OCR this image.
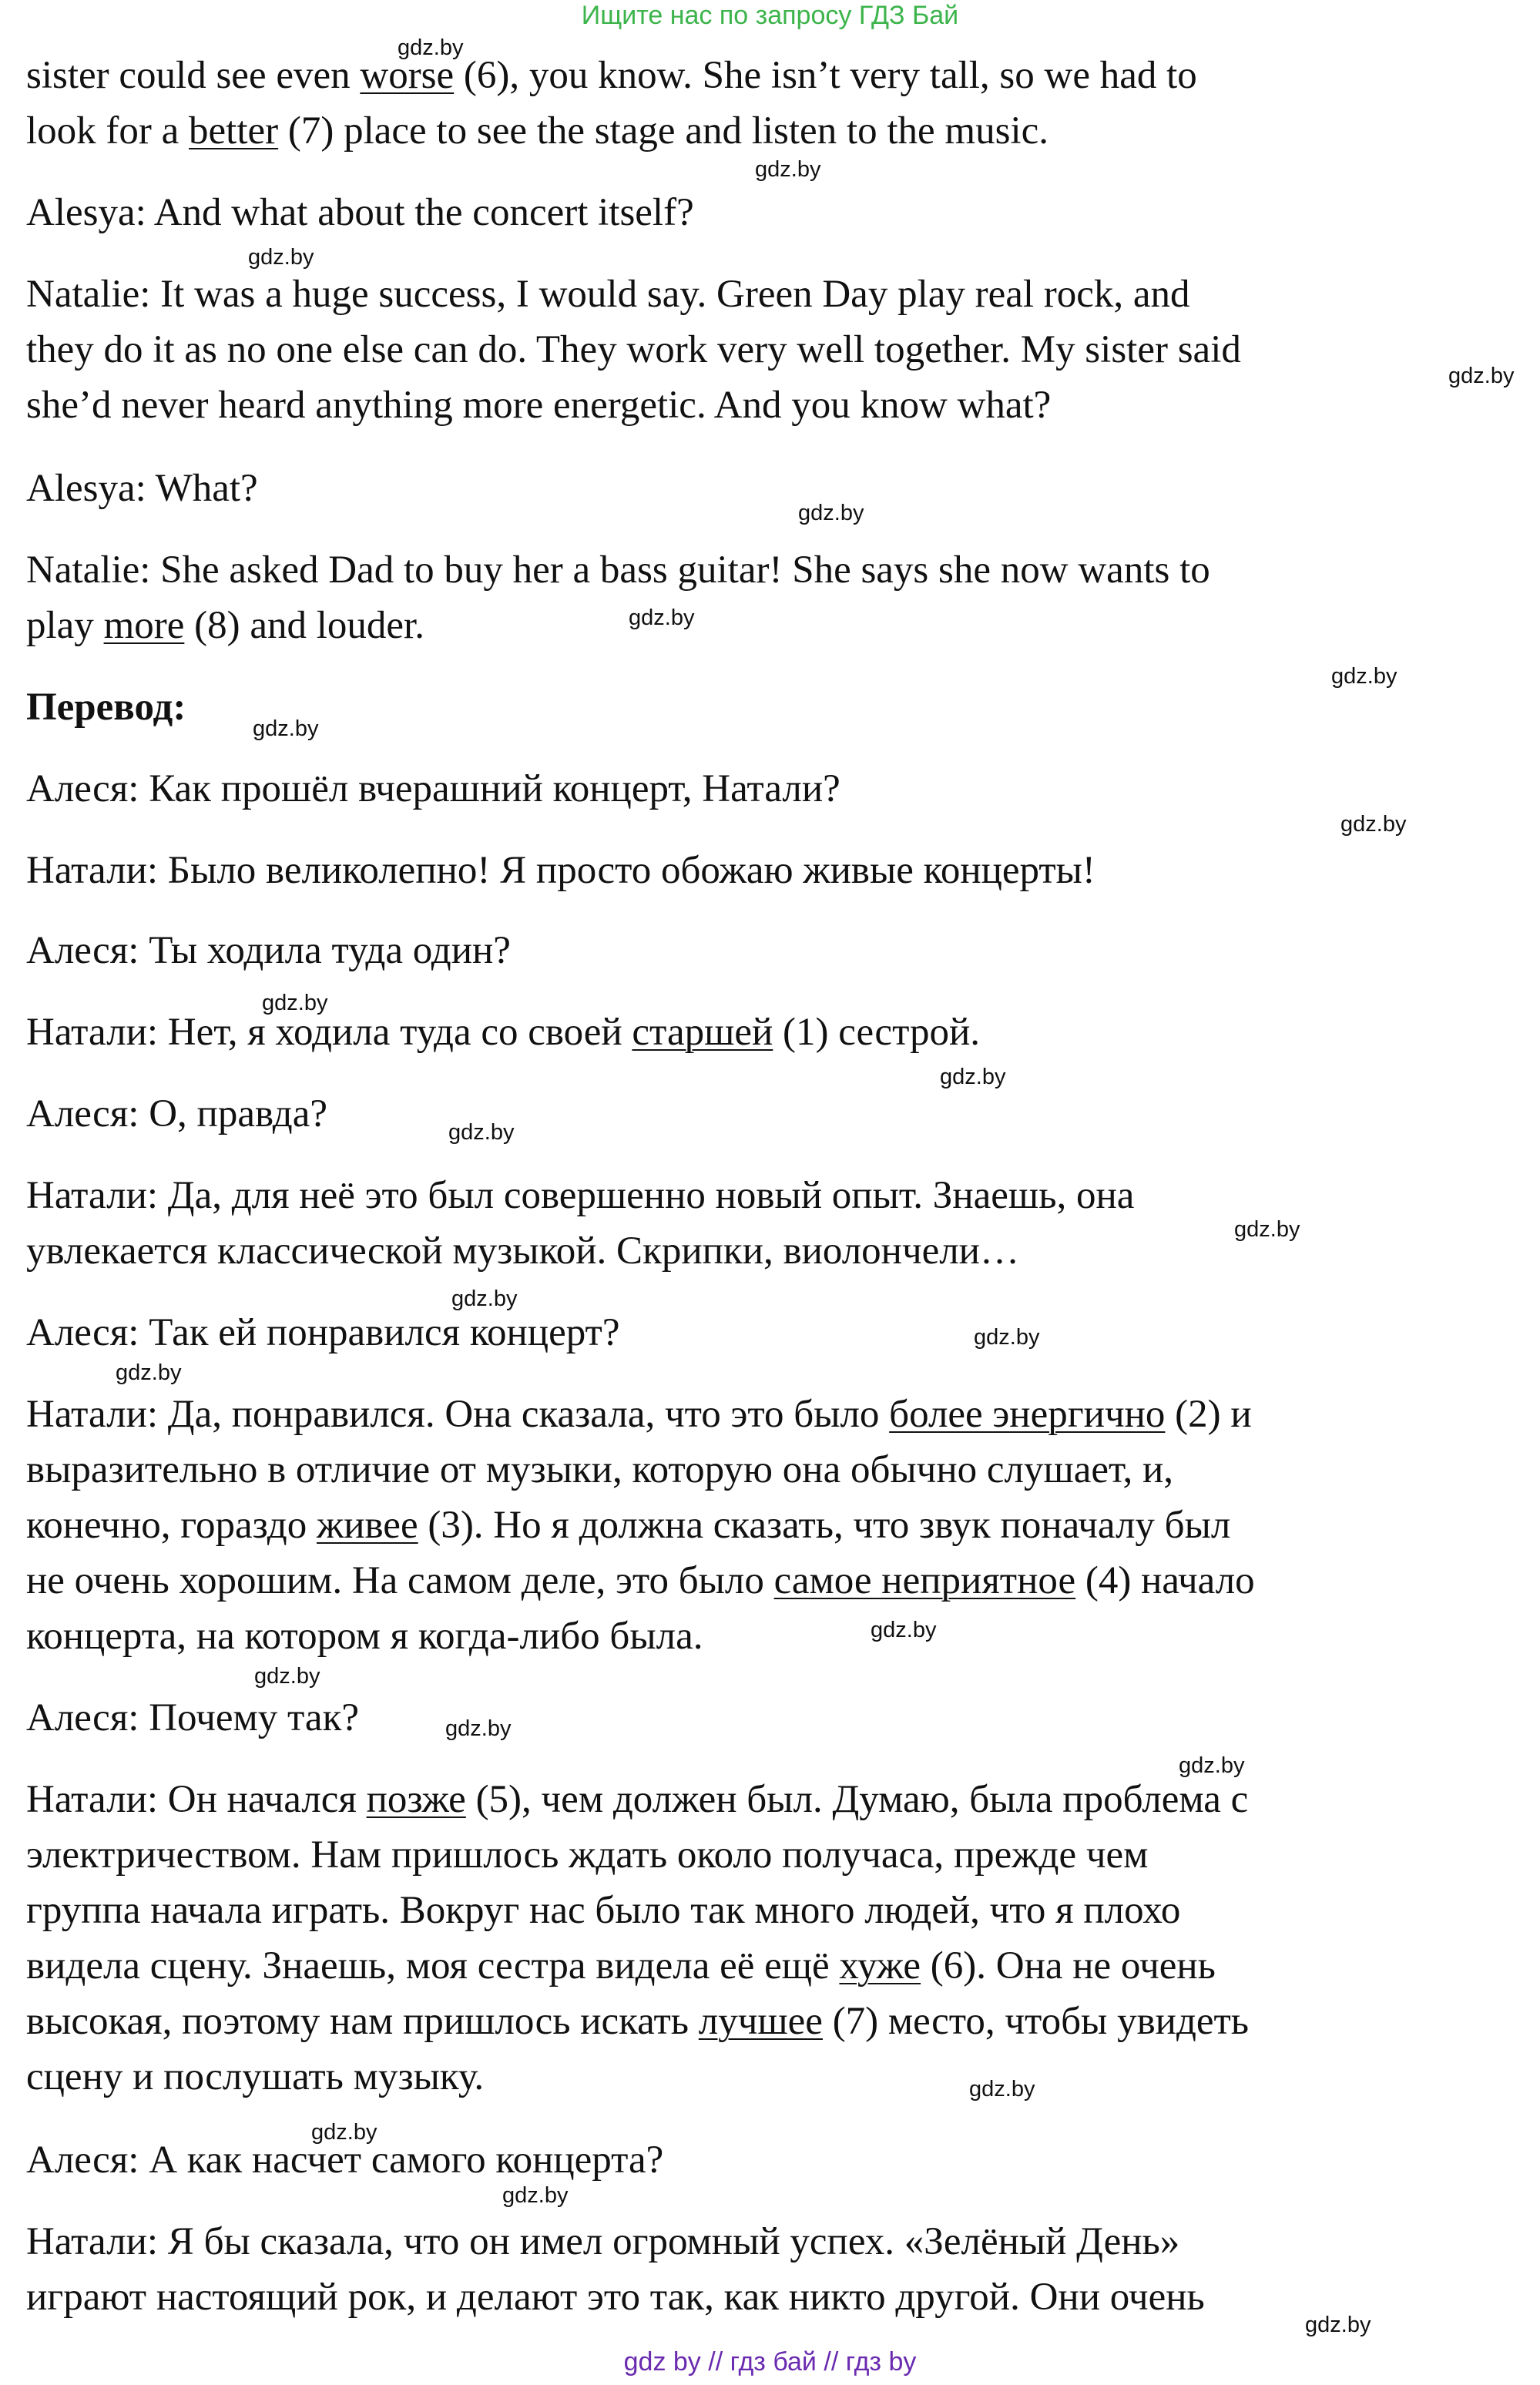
Ищите нас по запросу ГДЗ Бай
sister could see even worse (6), you know. She isn’t very tall, so we had to
look for a better (7) place to see the stage and listen to the music.
Alesya: And what about the concert itself?
Natalie: It was a huge success, I would say. Green Day play real rock, and
they do it as no one else can do. They work very well together. My sister said
she’d never heard anything more energetic. And you know what?
Alesya: What?
Natalie: She asked Dad to buy her a bass guitar! She says she now wants to
play more (8) and louder.
Перевод:
Алеся: Как прошёл вчерашний концерт, Натали?
Натали: Было великолепно! Я просто обожаю живые концерты!
Алеся: Ты ходила туда один?
Натали: Нет, я ходила туда со своей старшей (1) сестрой.
Алеся: О, правда?
Натали: Да, для неё это был совершенно новый опыт. Знаешь, она
увлекается классической музыкой. Скрипки, виолончели…
Алеся: Так ей понравился концерт?
Натали: Да, понравился. Она сказала, что это было более энергично (2) и
выразительно в отличие от музыки, которую она обычно слушает, и,
конечно, гораздо живее (3). Но я должна сказать, что звук поначалу был
не очень хорошим. На самом деле, это было самое неприятное (4) начало
концерта, на котором я когда-либо была.
Алеся: Почему так?
Натали: Он начался позже (5), чем должен был. Думаю, была проблема с
электричеством. Нам пришлось ждать около получаса, прежде чем
группа начала играть. Вокруг нас было так много людей, что я плохо
видела сцену. Знаешь, моя сестра видела её ещё хуже (6). Она не очень
высокая, поэтому нам пришлось искать лучшее (7) место, чтобы увидеть
сцену и послушать музыку.
Алеся: А как насчет самого концерта?
Натали: Я бы сказала, что он имел огромный успех. «Зелёный День»
играют настоящий рок, и делают это так, как никто другой. Они очень
gdz.by
gdz.by
gdz.by
gdz.by
gdz.by
gdz.by
gdz.by
gdz.by
gdz.by
gdz.by
gdz.by
gdz.by
gdz.by
gdz.by
gdz.by
gdz.by
gdz.by
gdz.by
gdz.by
gdz.by
gdz.by
gdz.by
gdz.by
gdz.by
gdz by // гдз бай // гдз by
